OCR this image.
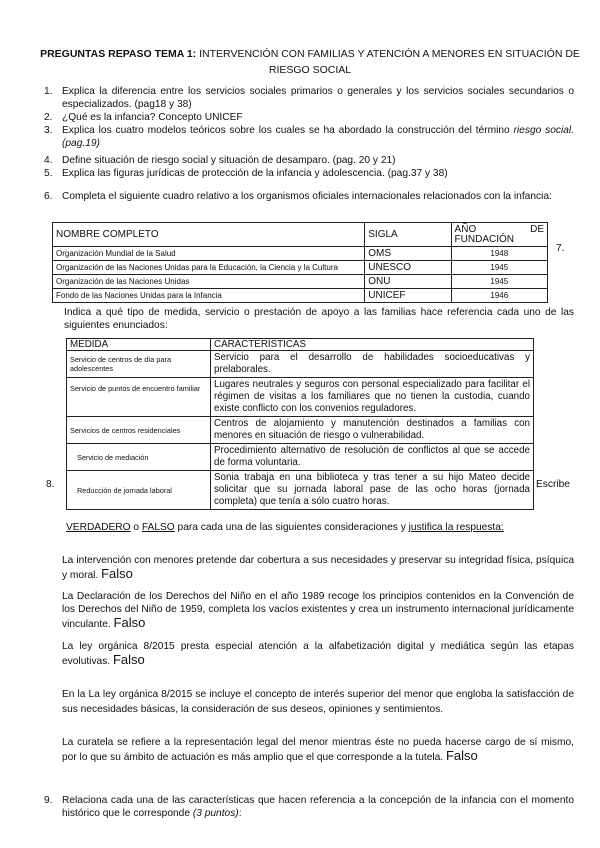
PREGUNTAS REPASO TEMA 1: INTERVENCIÓN CON FAMILIAS Y ATENCIÓN A MENORES EN SITUACIÓN DE RIESGO SOCIAL
1. Explica la diferencia entre los servicios sociales primarios o generales y los servicios sociales secundarios o especializados. (pag18 y 38)
2. ¿Qué es la infancia? Concepto UNICEF
3. Explica los cuatro modelos teóricos sobre los cuales se ha abordado la construcción del término riesgo social.(pag.19)
4. Define situación de riesgo social y situación de desamparo. (pag. 20 y 21)
5. Explica las figuras jurídicas de protección de la infancia y adolescencia. (pag.37 y 38)
6. Completa el siguiente cuadro relativo a los organismos oficiales internacionales relacionados con la infancia:
NOMBRE COMPLETO	SIGLA	AÑO DE
FUNDACIÓN

Organización Mundial de la Salud	OMS	1948
Organización de las Naciones Unidas para la Educación, la Ciencia y la Cultura	UNESCO	1945
Organización de las Naciones Unidas	ONU	1945
Fondo de las Naciones Unidas para la Infancia	UNICEF	1946
7.
Indica a qué tipo de medida, servicio o prestación de apoyo a las familias hace referencia cada uno de las siguientes enunciados:
MEDIDA	CARACTERÍSTICAS
Servicio de centros de día para adolescentes	Servicio para el desarrollo de habilidades socioeducativas y prelaborales.
Servicio de puntos de encuentro familiar	Lugares neutrales y seguros con personal especializado para facilitar el régimen de visitas a los familiares que no tienen la custodia, cuando existe conflicto con los convenios reguladores.
Servicios de centros residenciales	Centros de alojamiento y manutención destinados a familias con menores en situación de riesgo o vulnerabilidad.
Servicio de mediación	Procedimiento alternativo de resolución de conflictos al que se accede de forma voluntaria.
Reducción de jornada laboral	Sonia trabaja en una biblioteca y tras tener a su hijo Mateo decide solicitar que su jornada laboral pase de las ocho horas (jornada completa) que tenía a sólo cuatro horas.
8.	Escribe
VERDADERO o FALSO para cada una de las siguientes consideraciones y justifica la respuesta:
La intervención con menores pretende dar cobertura a sus necesidades y preservar su integridad física, psíquica y moral. Falso
La Declaración de los Derechos del Niño en el año 1989 recoge los principios contenidos en la Convención de los Derechos del Niño de 1959, completa los vacíos existentes y crea un instrumento internacional jurídicamente vinculante. Falso
La ley orgánica 8/2015 presta especial atención a la alfabetización digital y mediática según las etapas evolutivas. Falso
En la La ley orgánica 8/2015 se incluye el concepto de interés superior del menor que engloba la satisfacción de sus necesidades básicas, la consideración de sus deseos, opiniones y sentimientos.
La curatela se refiere a la representación legal del menor mientras éste no pueda hacerse cargo de sí mismo, por lo que su ámbito de actuación es más amplio que el que corresponde a la tutela. Falso
9. Relaciona cada una de las características que hacen referencia a la concepción de la infancia con el momento histórico que le corresponde (3 puntos):
